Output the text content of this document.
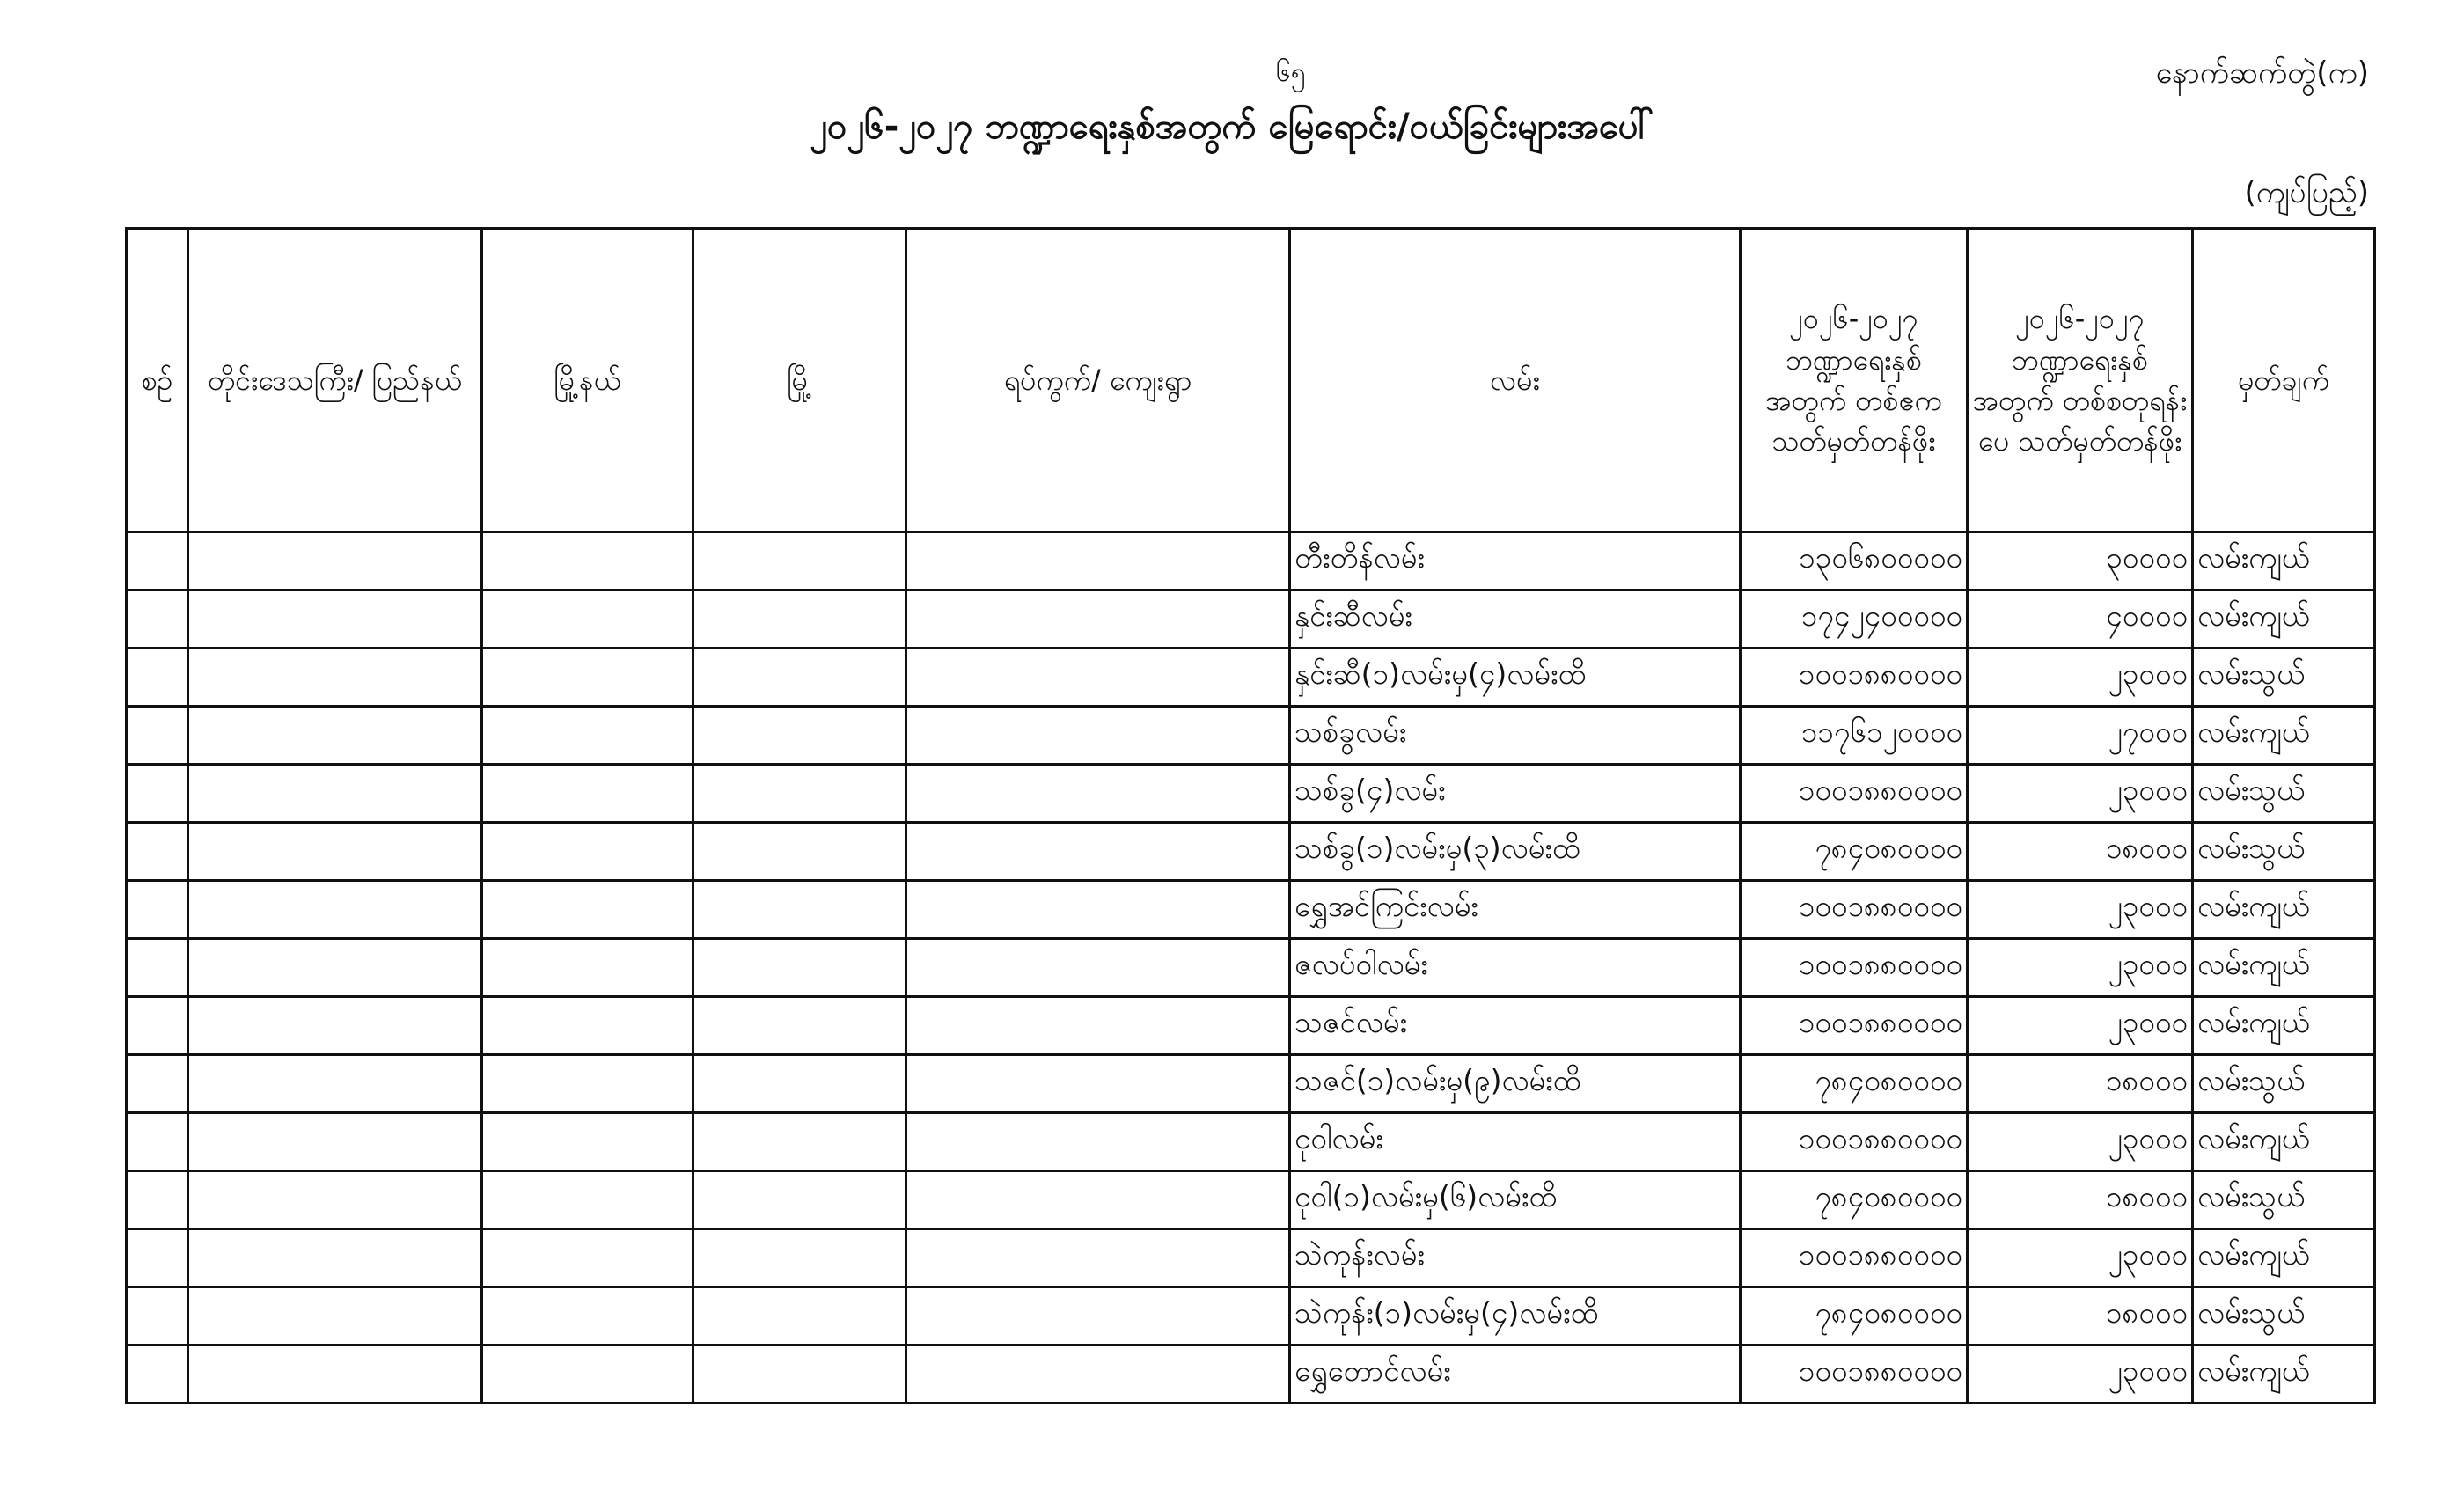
၆၅	နောက်ဆက်တွဲ(က)
၂၀၂၆-၂၀၂၇ ဘဏ္ဍာရေးနှစ်အတွက် မြေရောင်း/ဝယ်ခြင်းများအပေါ်
(ကျပ်ပြည့်)
စဉ်	တိုင်းဒေသကြီး/ ပြည်နယ်	မြို့နယ်	မြို့	ရပ်ကွက်/ ကျေးရွာ	လမ်း	၂၀၂၆-၂၀၂၇ ဘဏ္ဍာရေးနှစ် အတွက် တစ်ဧက သတ်မှတ်တန်ဖိုး	၂၀၂၆-၂၀၂၇ ဘဏ္ဍာရေးနှစ် အတွက် တစ်စတုရန်းပေ သတ်မှတ်တန်ဖိုး	မှတ်ချက်
					တီးတိန်လမ်း	၁၃၀၆၈၀၀၀၀၀	၃၀၀၀၀	လမ်းကျယ်
					နှင်းဆီလမ်း	၁၇၄၂၄၀၀၀၀၀	၄၀၀၀၀	လမ်းကျယ်
					နှင်းဆီ(၁)လမ်းမှ(၄)လမ်းထိ	၁၀၀၁၈၈၀၀၀၀	၂၃၀၀၀	လမ်းသွယ်
					သစ်ခွလမ်း	၁၁၇၆၁၂၀၀၀၀	၂၇၀၀၀	လမ်းကျယ်
					သစ်ခွ(၄)လမ်း	၁၀၀၁၈၈၀၀၀၀	၂၃၀၀၀	လမ်းသွယ်
					သစ်ခွ(၁)လမ်းမှ(၃)လမ်းထိ	၇၈၄၀၈၀၀၀၀	၁၈၀၀၀	လမ်းသွယ်
					ရွှေအင်ကြင်းလမ်း	၁၀၀၁၈၈၀၀၀၀	၂၃၀၀၀	လမ်းကျယ်
					ဇလပ်ဝါလမ်း	၁၀၀၁၈၈၀၀၀၀	၂၃၀၀၀	လမ်းကျယ်
					သဇင်လမ်း	၁၀၀၁၈၈၀၀၀၀	၂၃၀၀၀	လမ်းကျယ်
					သဇင်(၁)လမ်းမှ(၉)လမ်းထိ	၇၈၄၀၈၀၀၀၀	၁၈၀၀၀	လမ်းသွယ်
					ငုဝါလမ်း	၁၀၀၁၈၈၀၀၀၀	၂၃၀၀၀	လမ်းကျယ်
					ငုဝါ(၁)လမ်းမှ(၆)လမ်းထိ	၇၈၄၀၈၀၀၀၀	၁၈၀၀၀	လမ်းသွယ်
					သဲကုန်းလမ်း	၁၀၀၁၈၈၀၀၀၀	၂၃၀၀၀	လမ်းကျယ်
					သဲကုန်း(၁)လမ်းမှ(၄)လမ်းထိ	၇၈၄၀၈၀၀၀၀	၁၈၀၀၀	လမ်းသွယ်
					ရွှေတောင်လမ်း	၁၀၀၁၈၈၀၀၀၀	၂၃၀၀၀	လမ်းကျယ်
